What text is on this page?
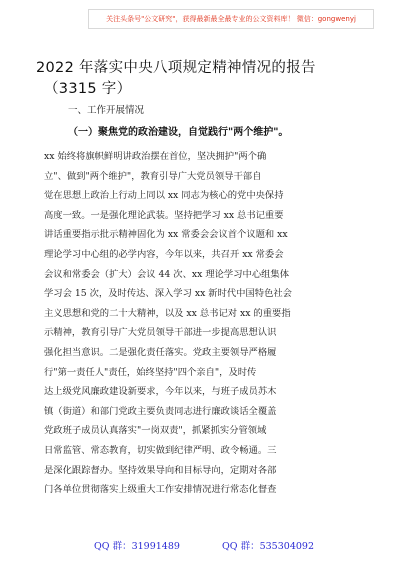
关注头条号"公文研究"，获得最新最全最专业的公文资料库！ 微信：gongwenyj
2022 年落实中央八项规定精神情况的报告
（3315 字）
一、工作开展情况
（一）聚焦党的政治建设，自觉践行"两个维护"。
xx 始终将旗帜鲜明讲政治摆在首位，坚决拥护"两个确
立"、做到"两个维护"，教育引导广大党员领导干部自
觉在思想上政治上行动上同以 xx 同志为核心的党中央保持
高度一致。一是强化理论武装。坚持把学习 xx 总书记重要
讲话重要指示批示精神固化为 xx 常委会会议首个议题和 xx
理论学习中心组的必学内容，今年以来，共召开 xx 常委会
会议和常委会（扩大）会议 44 次、xx 理论学习中心组集体
学习会 15 次，及时传达、深入学习 xx 新时代中国特色社会
主义思想和党的二十大精神，以及 xx 总书记对 xx 的重要指
示精神，教育引导广大党员领导干部进一步提高思想认识
强化担当意识。二是强化责任落实。党政主要领导严格履
行"第一责任人"责任，始终坚持"四个亲自"，及时传
达上级党风廉政建设新要求，今年以来，与班子成员苏木
镇（街道）和部门党政主要负责同志进行廉政谈话全覆盖
党政班子成员认真落实"一岗双责"，抓紧抓实分管领域
日常监管、常态教育，切实做到纪律严明、政令畅通。三
是深化跟踪督办。坚持效果导向和目标导向，定期对各部
门各单位贯彻落实上级重大工作安排情况进行常态化督查
QQ 群：31991489	QQ 群：535304092
